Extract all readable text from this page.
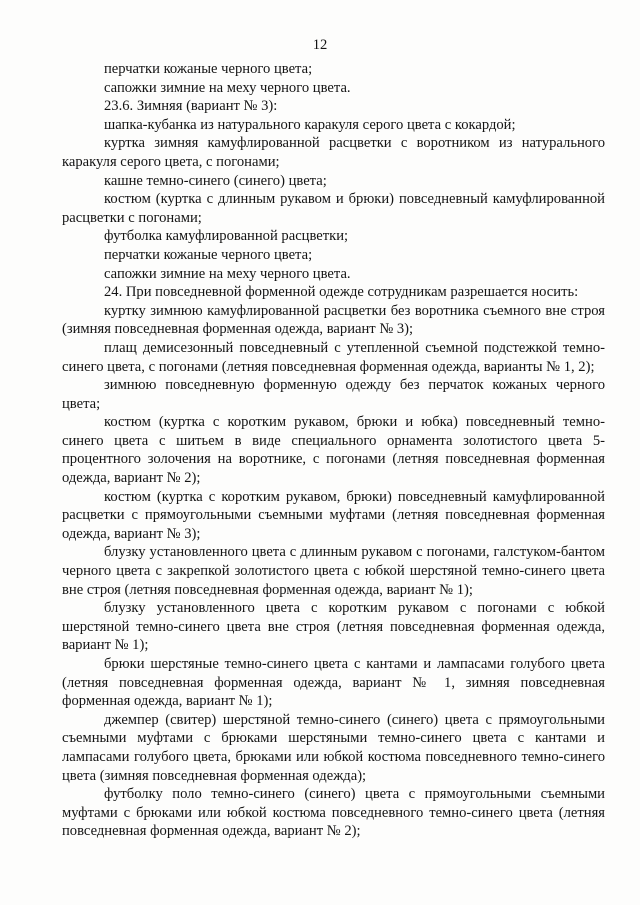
12

перчатки кожаные черного цвета;

сапожки зимние на меху черного цвета.

23.6. Зимняя (вариант № 3):

шапка-кубанка из натурального каракуля серого цвета с кокардой;

куртка зимняя камуфлированной расцветки с воротником из натурального каракуля серого цвета, с погонами;

кашне темно-синего (синего) цвета;

костюм (куртка с длинным рукавом и брюки) повседневный камуфлированной расцветки с погонами;

футболка камуфлированной расцветки;

перчатки кожаные черного цвета;

сапожки зимние на меху черного цвета.

24. При повседневной форменной одежде сотрудникам разрешается носить:

куртку зимнюю камуфлированной расцветки без воротника съемного вне строя (зимняя повседневная форменная одежда, вариант № 3);

плащ демисезонный повседневный с утепленной съемной подстежкой темно-синего цвета, с погонами (летняя повседневная форменная одежда, варианты № 1, 2);

зимнюю повседневную форменную одежду без перчаток кожаных черного цвета;

костюм (куртка с коротким рукавом, брюки и юбка) повседневный темно-синего цвета с шитьем в виде специального орнамента золотистого цвета 5-процентного золочения на воротнике, с погонами (летняя повседневная форменная одежда, вариант № 2);

костюм (куртка с коротким рукавом, брюки) повседневный камуфлированной расцветки с прямоугольными съемными муфтами (летняя повседневная форменная одежда, вариант № 3);

блузку установленного цвета с длинным рукавом с погонами, галстуком-бантом черного цвета с закрепкой золотистого цвета с юбкой шерстяной темно-синего цвета вне строя (летняя повседневная форменная одежда, вариант № 1);

блузку установленного цвета с коротким рукавом с погонами с юбкой шерстяной темно-синего цвета вне строя (летняя повседневная форменная одежда, вариант № 1);

брюки шерстяные темно-синего цвета с кантами и лампасами голубого цвета (летняя повседневная форменная одежда, вариант № 1, зимняя повседневная форменная одежда, вариант № 1);

джемпер (свитер) шерстяной темно-синего (синего) цвета с прямоугольными съемными муфтами с брюками шерстяными темно-синего цвета с кантами и лампасами голубого цвета, брюками или юбкой костюма повседневного темно-синего цвета (зимняя повседневная форменная одежда);

футболку поло темно-синего (синего) цвета с прямоугольными съемными муфтами с брюками или юбкой костюма повседневного темно-синего цвета (летняя повседневная форменная одежда, вариант № 2);
